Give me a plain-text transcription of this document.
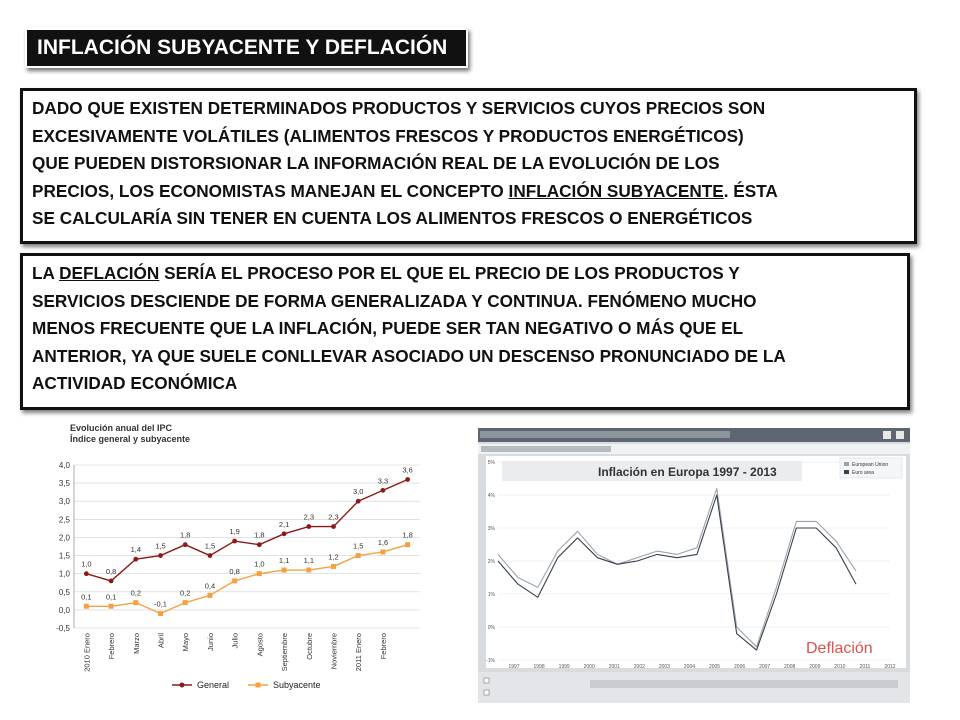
INFLACIÓN SUBYACENTE Y DEFLACIÓN
DADO QUE EXISTEN DETERMINADOS PRODUCTOS Y SERVICIOS CUYOS PRECIOS SON
EXCESIVAMENTE VOLÁTILES (ALIMENTOS FRESCOS Y PRODUCTOS ENERGÉTICOS)
QUE PUEDEN DISTORSIONAR LA INFORMACIÓN REAL DE LA EVOLUCIÓN DE LOS
PRECIOS, LOS ECONOMISTAS MANEJAN EL CONCEPTO INFLACIÓN SUBYACENTE. ÉSTA
SE CALCULARÍA SIN TENER EN CUENTA LOS ALIMENTOS FRESCOS O ENERGÉTICOS
LA DEFLACIÓN SERÍA EL PROCESO POR EL QUE EL PRECIO DE LOS PRODUCTOS Y
SERVICIOS DESCIENDE DE FORMA GENERALIZADA Y CONTINUA. FENÓMENO MUCHO
MENOS FRECUENTE QUE LA INFLACIÓN, PUEDE SER TAN NEGATIVO O MÁS QUE EL
ANTERIOR, YA QUE SUELE CONLLEVAR ASOCIADO UN DESCENSO PRONUNCIADO DE LA
ACTIVIDAD ECONÓMICA
Evolución anual del IPC
Índice general y subyacente
-0,5
0,0
0,5
1,0
1,5
2,0
2,5
3,0
3,5
4,0
2010 Enero Febrero Marzo Abril Mayo Junio Julio Agosto Septiembre Octubre Noviembre 2011 Enero Febrero
1,0
0,8
1,4 1,5
1,8
1,5
1,9 1,8
2,1
2,3 2,3
3,0
3,3
3,6
0,1 0,1 0,2
-0,1
0,2
0,4
0,8
1,0 1,1 1,1 1,2
1,5 1,6
1,8
General	Subyacente
-1%
0%
1%
2%
3%
4%
5%
1997	1998	1999	2000	2001	2002	2003	2004	2005	2006	2007	2008	2009	2010	2011	2012
Inflación en Europa 1997 - 2013	European Union
Euro area
Deflación
